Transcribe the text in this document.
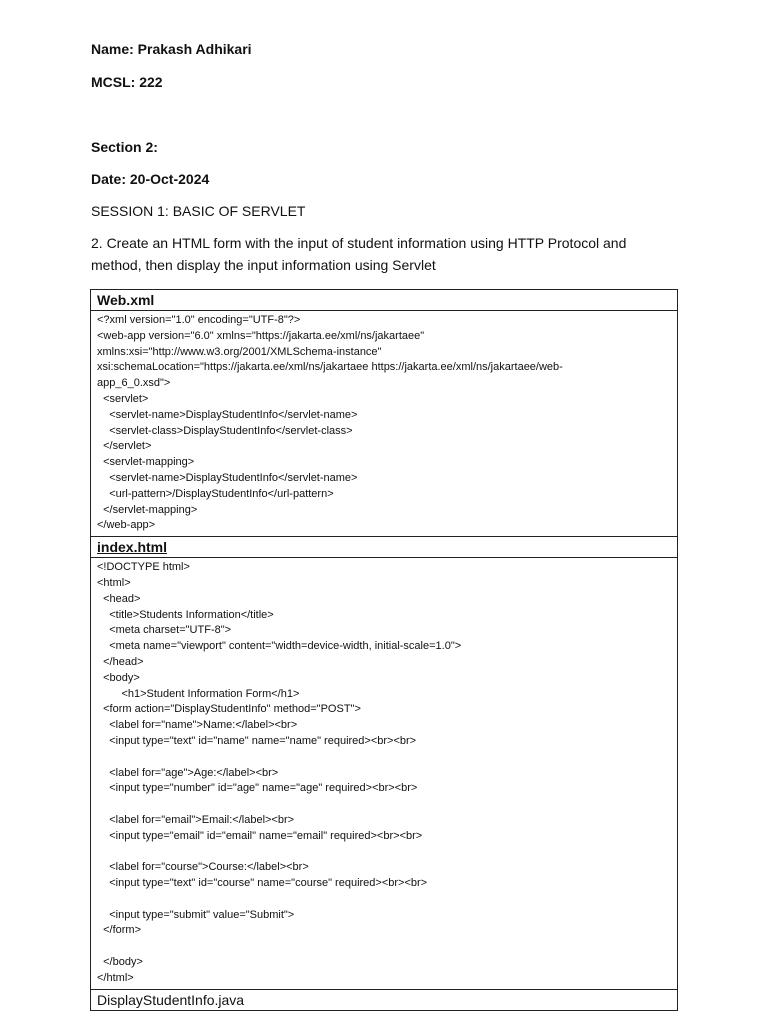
Name: Prakash Adhikari
MCSL: 222
Section 2:
Date: 20-Oct-2024
SESSION 1: BASIC OF SERVLET
2. Create an HTML form with the input of student information using HTTP Protocol and method, then display the input information using Servlet
Web.xml

<?xml version="1.0" encoding="UTF-8"?>
<web-app version="6.0" xmlns="https://jakarta.ee/xml/ns/jakartaee"
xmlns:xsi="http://www.w3.org/2001/XMLSchema-instance"
xsi:schemaLocation="https://jakarta.ee/xml/ns/jakartaee https://jakarta.ee/xml/ns/jakartaee/web-
app_6_0.xsd">
<servlet>
<servlet-name>DisplayStudentInfo</servlet-name>
<servlet-class>DisplayStudentInfo</servlet-class>
</servlet>
<servlet-mapping>
<servlet-name>DisplayStudentInfo</servlet-name>
<url-pattern>/DisplayStudentInfo</url-pattern>
</servlet-mapping>
</web-app>

index.html

<!DOCTYPE html>
<html>
<head>
<title>Students Information</title>
<meta charset="UTF-8">
<meta name="viewport" content="width=device-width, initial-scale=1.0">
</head>
<body>
<h1>Student Information Form</h1>
<form action="DisplayStudentInfo" method="POST">
<label for="name">Name:</label><br>
<input type="text" id="name" name="name" required><br><br>
<label for="age">Age:</label><br>
<input type="number" id="age" name="age" required><br><br>
<label for="email">Email:</label><br>
<input type="email" id="email" name="email" required><br><br>
<label for="course">Course:</label><br>
<input type="text" id="course" name="course" required><br><br>
<input type="submit" value="Submit">
</form>
</body>
</html>

DisplayStudentInfo.java
